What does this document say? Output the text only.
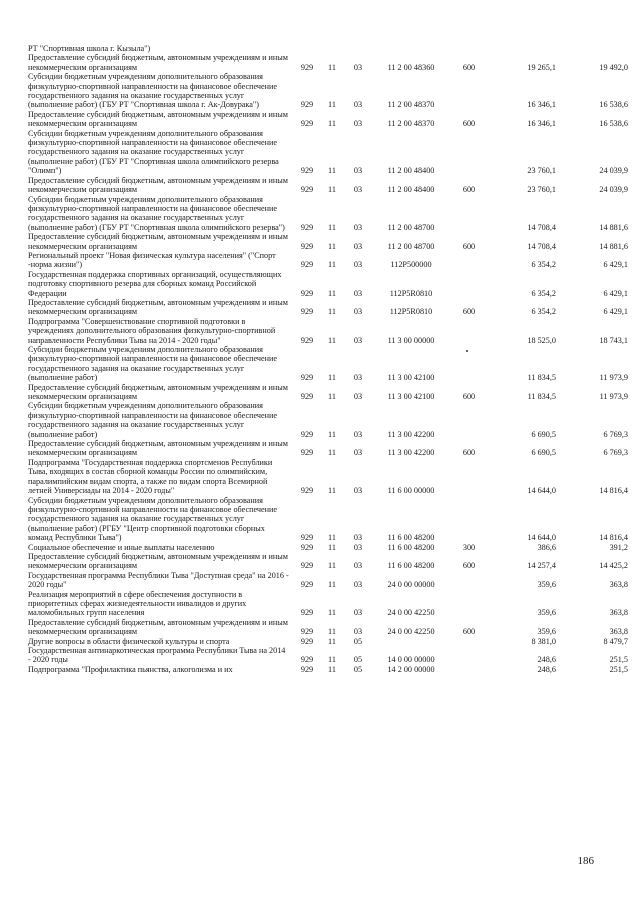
РТ "Спортивная школа г. Кызыла")							
Предоставление субсидий бюджетным, автономным учреждениям и иным некоммерческим организациям	929	11	03	11 2 00 48360	600	19 265,1	19 492,0
Субсидии бюджетным учреждениям дополнительного образования физкультурно-спортивной направленности на финансовое обеспечение государственного задания на оказание государственных услуг (выполнение работ) (ГБУ РТ "Спортивная школа г. Ак-Довурака")	929	11	03	11 2 00 48370		16 346,1	16 538,6
Предоставление субсидий бюджетным, автономным учреждениям и иным некоммерческим организациям	929	11	03	11 2 00 48370	600	16 346,1	16 538,6
Субсидии бюджетным учреждениям дополнительного образования физкультурно-спортивной направленности на финансовое обеспечение государственного задания на оказание государственных услуг (выполнение работ) (ГБУ РТ "Спортивная школа олимпийского резерва "Олимп")	929	11	03	11 2 00 48400		23 760,1	24 039,9
Предоставление субсидий бюджетным, автономным учреждениям и иным некоммерческим организациям	929	11	03	11 2 00 48400	600	23 760,1	24 039,9
Субсидии бюджетным учреждениям дополнительного образования физкультурно-спортивной направленности на финансовое обеспечение государственного задания на оказание государственных услуг (выполнение работ) (ГБУ РТ "Спортивная школа олимпийского резерва")	929	11	03	11 2 00 48700		14 708,4	14 881,6
Предоставление субсидий бюджетным, автономным учреждениям и иным некоммерческим организациям	929	11	03	11 2 00 48700	600	14 708,4	14 881,6
Региональный проект "Новая физическая культура населения" ("Спорт -норма жизни")	929	11	03	112Р500000		6 354,2	6 429,1
Государственная поддержка спортивных организаций, осуществляющих подготовку спортивного резерва для сборных команд Российской Федерации	929	11	03	112Р5R0810		6 354,2	6 429,1
Предоставление субсидий бюджетным, автономным учреждениям и иным некоммерческим организациям	929	11	03	112Р5R0810	600	6 354,2	6 429,1
Подпрограмма "Совершенствование спортивной подготовки в учреждениях дополнительного образования физкультурно-спортивной направленности Республики Тыва на 2014 - 2020 годы"	929	11	03	11 3 00 00000		18 525,0	18 743,1
Субсидии бюджетным учреждениям дополнительного образования физкультурно-спортивной направленности на финансовое обеспечение государственного задания на оказание государственных услуг (выполнение работ)	929	11	03	11 3 00 42100		11 834,5	11 973,9
Предоставление субсидий бюджетным, автономным учреждениям и иным некоммерческим организациям	929	11	03	11 3 00 42100	600	11 834,5	11 973,9
Субсидии бюджетным учреждениям дополнительного образования физкультурно-спортивной направленности на финансовое обеспечение государственного задания на оказание государственных услуг (выполнение работ)	929	11	03	11 3 00 42200		6 690,5	6 769,3
Предоставление субсидий бюджетным, автономным учреждениям и иным некоммерческим организациям	929	11	03	11 3 00 42200	600	6 690,5	6 769,3
Подпрограмма "Государственная поддержка спортсменов Республики Тыва, входящих в состав сборной команды России по олимпийским, паралимпийским видам спорта, а также по видам спорта Всемирной летней Универсиады на 2014 - 2020 годы"	929	11	03	11 6 00 00000		14 644,0	14 816,4
Субсидии бюджетным учреждениям дополнительного образования физкультурно-спортивной направленности на финансовое обеспечение государственного задания на оказание государственных услуг (выполнение работ) (РГБУ "Центр спортивной подготовки сборных команд Республики Тыва")	929	11	03	11 6 00 48200		14 644,0	14 816,4
Социальное обеспечение и иные выплаты населению	929	11	03	11 6 00 48200	300	386,6	391,2
Предоставление субсидий бюджетным, автономным учреждениям и иным некоммерческим организациям	929	11	03	11 6 00 48200	600	14 257,4	14 425,2
Государственная программа Республики Тыва "Доступная среда" на 2016 - 2020 годы"	929	11	03	24 0 00 00000		359,6	363,8
Реализация мероприятий в сфере обеспечения доступности в приоритетных сферах жизнедеятельности инвалидов и других маломобильных групп населения	929	11	03	24 0 00 42250		359,6	363,8
Предоставление субсидий бюджетным, автономным учреждениям и иным некоммерческим организациям	929	11	03	24 0 00 42250	600	359,6	363,8
Другие вопросы в области физической культуры и спорта	929	11	05			8 381,0	8 479,7
Государственная антинаркотическая программа Республики Тыва на 2014 - 2020 годы	929	11	05	14 0 00 00000		248,6	251,5
Подпрограмма "Профилактика пьянства, алкоголизма и их	929	11	05	14 2 00 00000		248,6	251,5
186
